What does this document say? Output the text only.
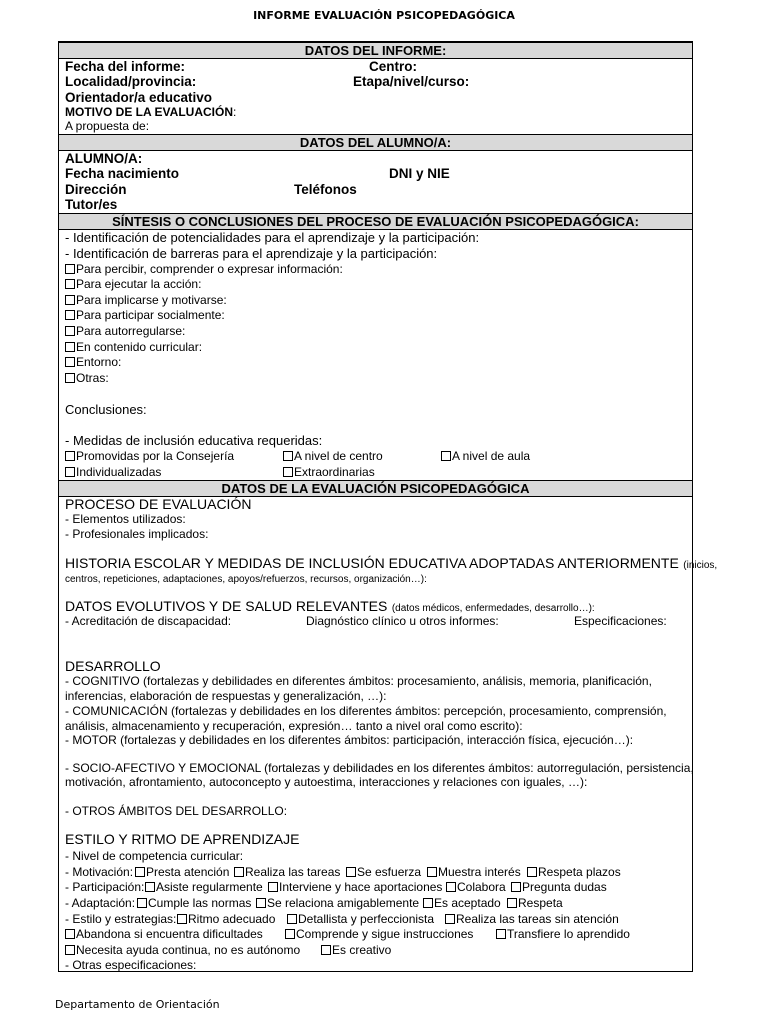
INFORME EVALUACIÓN PSICOPEDAGÓGICA
DATOS DEL INFORME:
Fecha del informe:	Centro:
Localidad/provincia:	Etapa/nivel/curso:
Orientador/a educativo
MOTIVO DE LA EVALUACIÓN:
A propuesta de:
DATOS DEL ALUMNO/A:
ALUMNO/A:
Fecha nacimiento	DNI y NIE
Dirección	Teléfonos
Tutor/es
SÍNTESIS O CONCLUSIONES DEL PROCESO DE EVALUACIÓN PSICOPEDAGÓGICA:
- Identificación de potencialidades para el aprendizaje y la participación:
- Identificación de barreras para el aprendizaje y la participación:
Para percibir, comprender o expresar información:
Para ejecutar la acción:
Para implicarse y motivarse:
Para participar socialmente:
Para autorregularse:
En contenido curricular:
Entorno:
Otras:
Conclusiones:
- Medidas de inclusión educativa requeridas:
Promovidas por la Consejería	A nivel de centro	A nivel de aula
Individualizadas	Extraordinarias
DATOS DE LA EVALUACIÓN PSICOPEDAGÓGICA
PROCESO DE EVALUACIÓN
- Elementos utilizados:
- Profesionales implicados:
HISTORIA ESCOLAR Y MEDIDAS DE INCLUSIÓN EDUCATIVA ADOPTADAS ANTERIORMENTE (inicios,
centros, repeticiones, adaptaciones, apoyos/refuerzos, recursos, organización…):
DATOS EVOLUTIVOS Y DE SALUD RELEVANTES (datos médicos, enfermedades, desarrollo…):
- Acreditación de discapacidad:	Diagnóstico clínico u otros informes:	Especificaciones:
DESARROLLO
- COGNITIVO (fortalezas y debilidades en diferentes ámbitos: procesamiento, análisis, memoria, planificación,
inferencias, elaboración de respuestas y generalización, …):
- COMUNICACIÓN (fortalezas y debilidades en los diferentes ámbitos: percepción, procesamiento, comprensión,
análisis, almacenamiento y recuperación, expresión… tanto a nivel oral como escrito):
- MOTOR (fortalezas y debilidades en los diferentes ámbitos: participación, interacción física, ejecución…):
- SOCIO-AFECTIVO Y EMOCIONAL (fortalezas y debilidades en los diferentes ámbitos: autorregulación, persistencia,
motivación, afrontamiento, autoconcepto y autoestima, interacciones y relaciones con iguales, …):
- OTROS ÁMBITOS DEL DESARROLLO:
ESTILO Y RITMO DE APRENDIZAJE
- Nivel de competencia curricular:
- Motivación:	Presta atención	Realiza las tareas	Se esfuerza	Muestra interés	Respeta plazos
- Participación: Asiste regularmente	Interviene y hace aportaciones	Colabora	Pregunta dudas
- Adaptación:	Cumple las normas	Se relaciona amigablemente	Es aceptado	Respeta
- Estilo y estrategias: Ritmo adecuado	Detallista y perfeccionista	Realiza las tareas sin atención
Abandona si encuentra dificultades	Comprende y sigue instrucciones	Transfiere lo aprendido
Necesita ayuda continua, no es autónomo	Es creativo
- Otras especificaciones:
Departamento de Orientación
